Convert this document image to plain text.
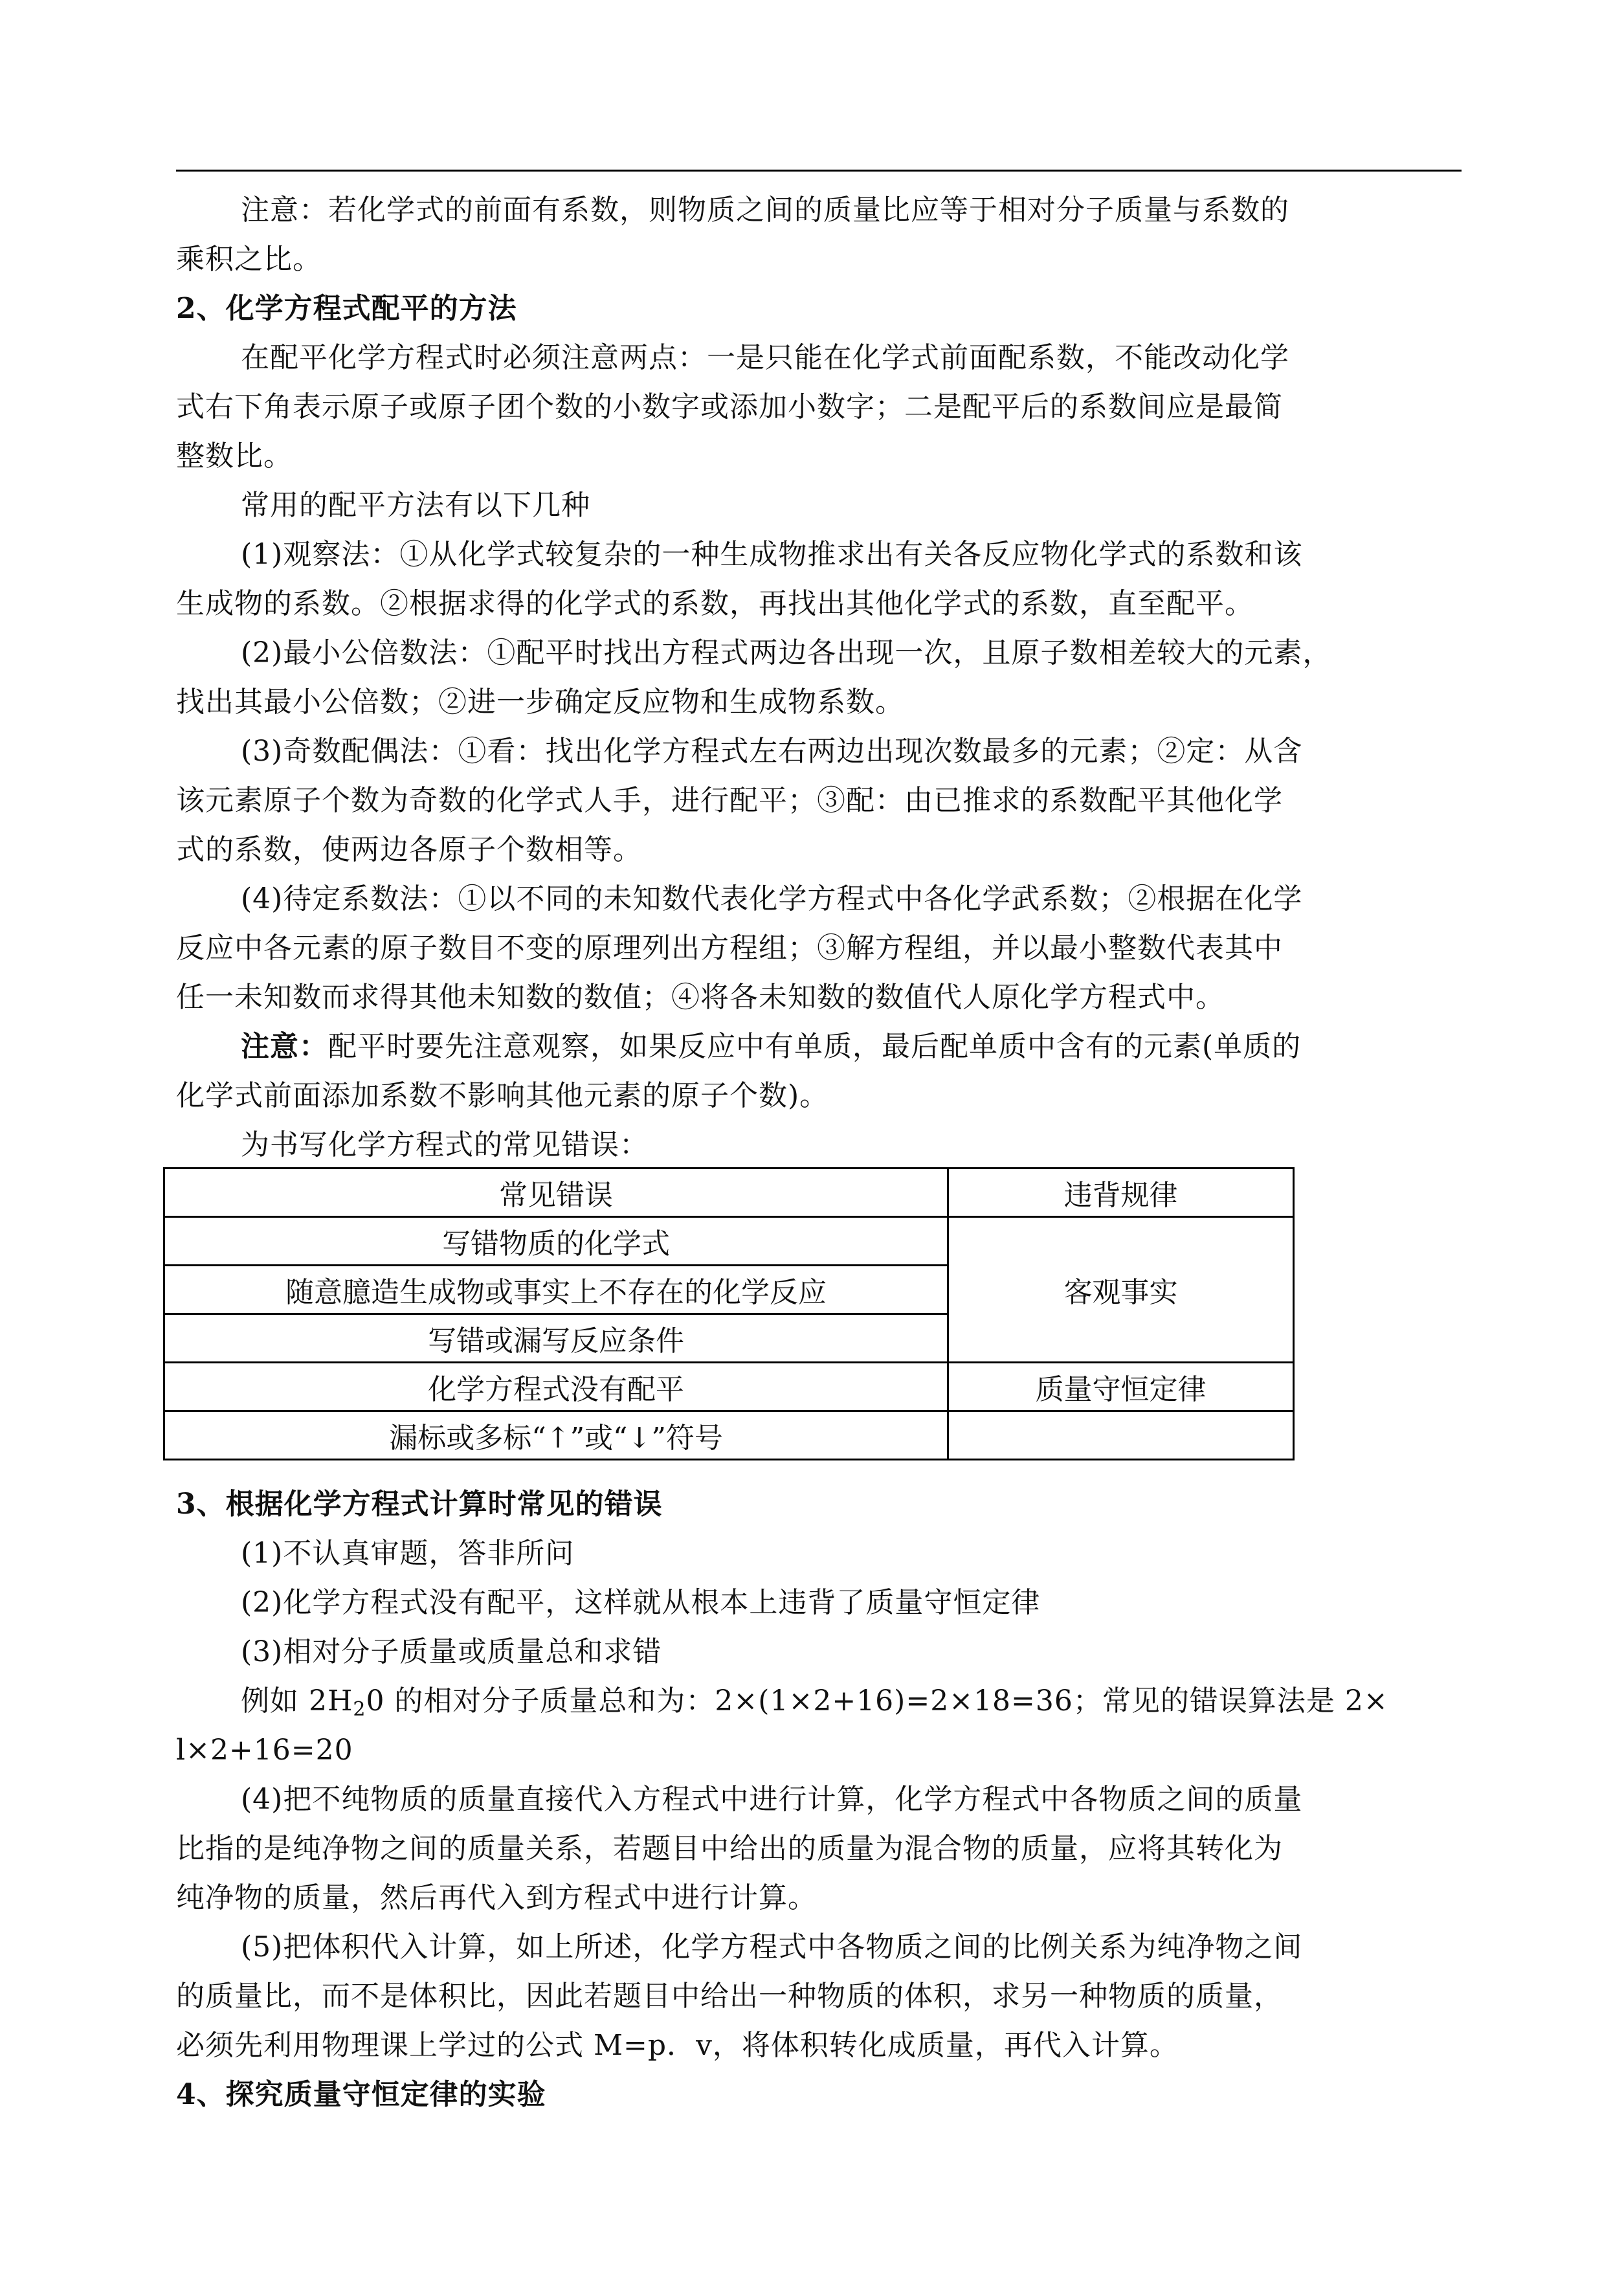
注意：若化学式的前面有系数，则物质之间的质量比应等于相对分子质量与系数的
乘积之比。
2、化学方程式配平的方法
在配平化学方程式时必须注意两点：一是只能在化学式前面配系数，不能改动化学
式右下角表示原子或原子团个数的小数字或添加小数字；二是配平后的系数间应是最简
整数比。
常用的配平方法有以下几种
(1)观察法：①从化学式较复杂的一种生成物推求出有关各反应物化学式的系数和该
生成物的系数。②根据求得的化学式的系数，再找出其他化学式的系数，直至配平。
(2)最小公倍数法：①配平时找出方程式两边各出现一次，且原子数相差较大的元素，
找出其最小公倍数；②进一步确定反应物和生成物系数。
(3)奇数配偶法：①看：找出化学方程式左右两边出现次数最多的元素；②定：从含
该元素原子个数为奇数的化学式人手，进行配平；③配：由已推求的系数配平其他化学
式的系数，使两边各原子个数相等。
(4)待定系数法：①以不同的未知数代表化学方程式中各化学武系数；②根据在化学
反应中各元素的原子数目不变的原理列出方程组；③解方程组，并以最小整数代表其中
任一未知数而求得其他未知数的数值；④将各未知数的数值代人原化学方程式中。
注意：配平时要先注意观察，如果反应中有单质，最后配单质中含有的元素(单质的
化学式前面添加系数不影响其他元素的原子个数)。
为书写化学方程式的常见错误：
常见错误	违背规律
写错物质的化学式	客观事实
随意臆造生成物或事实上不存在的化学反应	
写错或漏写反应条件	
化学方程式没有配平	质量守恒定律
漏标或多标“↑”或“↓”符号	
3、根据化学方程式计算时常见的错误
(1)不认真审题，答非所问
(2)化学方程式没有配平，这样就从根本上违背了质量守恒定律
(3)相对分子质量或质量总和求错
例如 $2H_20$ 的相对分子质量总和为：2×(1×2+16)=2×18=36；常见的错误算法是 2×
l×2+16=20
(4)把不纯物质的质量直接代入方程式中进行计算，化学方程式中各物质之间的质量
比指的是纯净物之间的质量关系，若题目中给出的质量为混合物的质量，应将其转化为
纯净物的质量，然后再代入到方程式中进行计算。
(5)把体积代入计算，如上所述，化学方程式中各物质之间的比例关系为纯净物之间
的质量比，而不是体积比，因此若题目中给出一种物质的体积，求另一种物质的质量，
必须先利用物理课上学过的公式 M=p．v，将体积转化成质量，再代入计算。
4、探究质量守恒定律的实验
